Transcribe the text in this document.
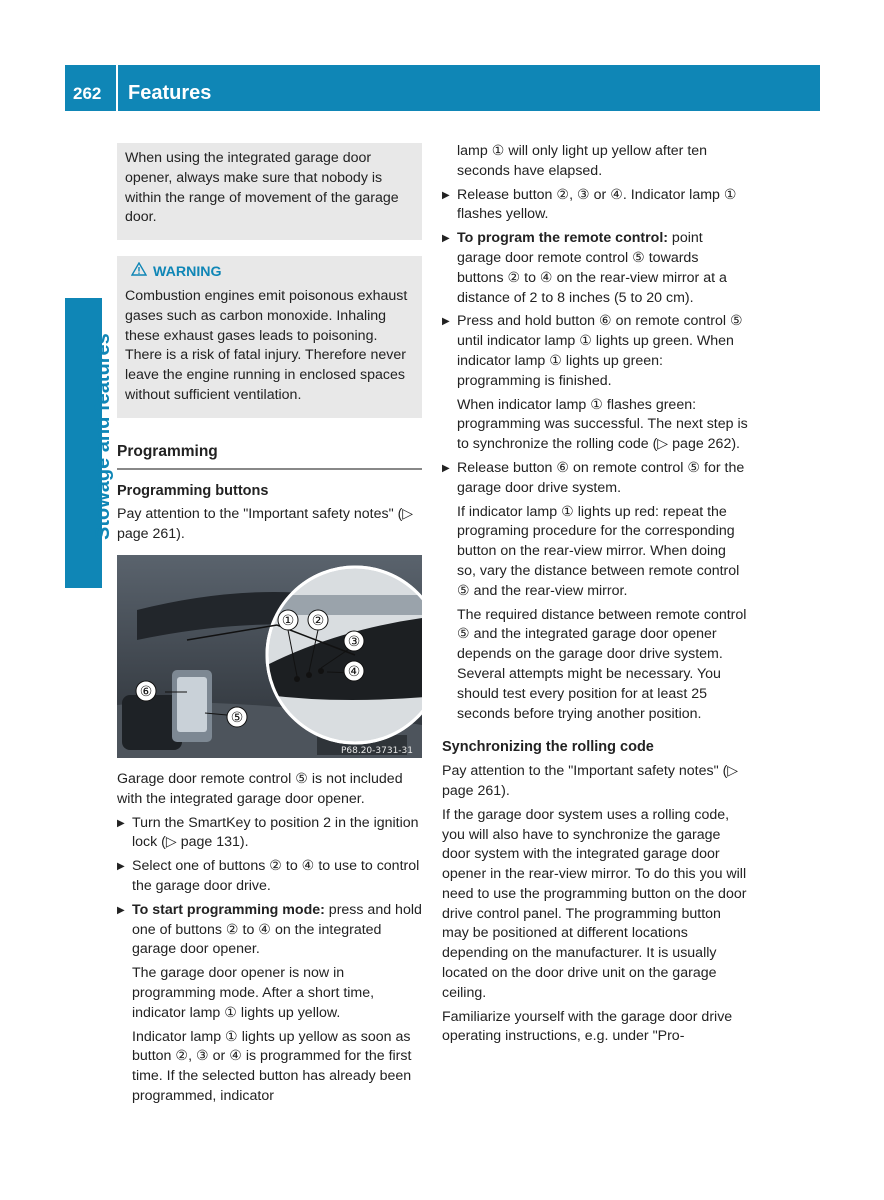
262 Features
Stowage and features

When using the integrated garage door opener, always make sure that nobody is within the range of movement of the garage door.

WARNING

Combustion engines emit poisonous exhaust gases such as carbon monoxide. Inhaling these exhaust gases leads to poisoning. There is a risk of fatal injury. Therefore never leave the engine running in enclosed spaces without sufficient ventilation.

Programming
Programming buttons

Pay attention to the "Important safety notes" (▷ page 261).

① ②
③
④
⑤
⑥
P68.20-3731-31

Garage door remote control ⑤ is not included with the integrated garage door opener.

▶ Turn the SmartKey to position 2 in the ignition lock (▷ page 131).

▶ Select one of buttons ② to ④ to use to control the garage door drive.

▶ To start programming mode: press and hold one of buttons ② to ④ on the integrated garage door opener.

The garage door opener is now in programming mode. After a short time, indicator lamp ① lights up yellow.

Indicator lamp ① lights up yellow as soon as button ②, ③ or ④ is programmed for the first time. If the selected button has already been programmed, indicator

lamp ① will only light up yellow after ten seconds have elapsed.

▶ Release button ②, ③ or ④. Indicator lamp ① flashes yellow.

▶ To program the remote control: point garage door remote control ⑤ towards buttons ② to ④ on the rear-view mirror at a distance of 2 to 8 inches (5 to 20 cm).

▶ Press and hold button ⑥ on remote control ⑤ until indicator lamp ① lights up green. When indicator lamp ① lights up green: programming is finished.

When indicator lamp ① flashes green: programming was successful. The next step is to synchronize the rolling code (▷ page 262).

▶ Release button ⑥ on remote control ⑤ for the garage door drive system.

If indicator lamp ① lights up red: repeat the programing procedure for the corresponding button on the rear-view mirror. When doing so, vary the distance between remote control ⑤ and the rear-view mirror.

The required distance between remote control ⑤ and the integrated garage door opener depends on the garage door drive system. Several attempts might be necessary. You should test every position for at least 25 seconds before trying another position.

Synchronizing the rolling code

Pay attention to the "Important safety notes" (▷ page 261).

If the garage door system uses a rolling code, you will also have to synchronize the garage door system with the integrated garage door opener in the rear-view mirror. To do this you will need to use the programming button on the door drive control panel. The programming button may be positioned at different locations depending on the manufacturer. It is usually located on the door drive unit on the garage ceiling.

Familiarize yourself with the garage door drive operating instructions, e.g. under "Pro-
